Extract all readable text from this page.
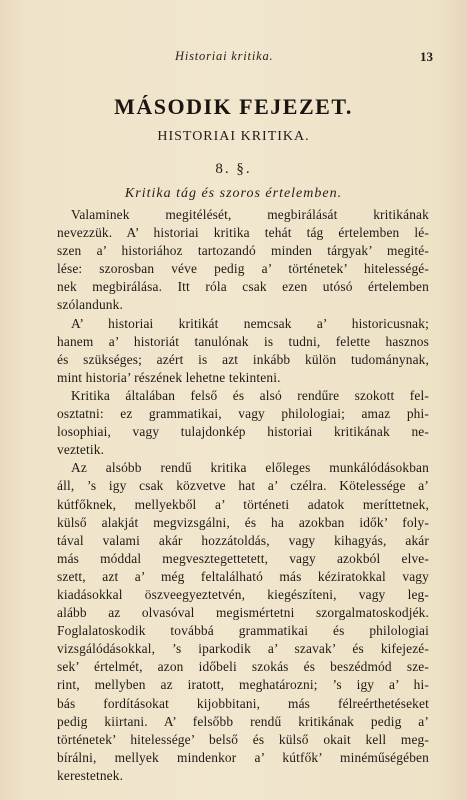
Historiai kritika.	13
MÁSODIK FEJEZET.
HISTORIAI KRITIKA.
8. §.
Kritika tág és szoros értelemben.
Valaminek megitélését, megbirálását kritikának
nevezzük. A’ historiai kritika tehát tág értelemben lé-
szen a’ historiához tartozandó minden tárgyak’ megité-
lése: szorosban véve pedig a’ történetek’ hitelességé-
nek megbirálása. Itt róla csak ezen utósó értelemben
szólandunk.
A’ historiai kritikát nemcsak a’ historicusnak;
hanem a’ historiát tanulónak is tudni, felette hasznos
és szükséges; azért is azt inkább külön tudománynak,
mint historia’ részének lehetne tekinteni.
Kritika általában felső és alsó rendűre szokott fel-
osztatni: ez grammatikai, vagy philologiai; amaz phi-
losophiai, vagy tulajdonkép historiai kritikának ne-
veztetik.
Az alsóbb rendű kritika előleges munkálódásokban
áll, ’s igy csak közvetve hat a’ czélra. Kötelessége a’
kútfőknek, mellyekből a’ történeti adatok meríttetnek,
külső alakját megvizsgálni, és ha azokban idők’ foly-
tával valami akár hozzátoldás, vagy kihagyás, akár
más móddal megvesztegettetett, vagy azokból elve-
szett, azt a’ még feltalálható más kéziratokkal vagy
kiadásokkal öszveegyeztetvén, kiegészíteni, vagy leg-
alább az olvasóval megismértetni szorgalmatoskodjék.
Foglalatoskodik továbbá grammatikai és philologiai
vizsgálódásokkal, ’s iparkodik a’ szavak’ és kifejezé-
sek’ értelmét, azon időbeli szokás és beszédmód sze-
rint, mellyben az iratott, meghatározni; ’s igy a’ hi-
bás fordításokat kijobbitani, más félreérthetéseket
pedig kiirtani. A’ felsőbb rendű kritikának pedig a’
történetek’ hitelessége’ belső és külső okait kell meg-
bírálni, mellyek mindenkor a’ kútfők’ minéműségében
kerestetnek.
